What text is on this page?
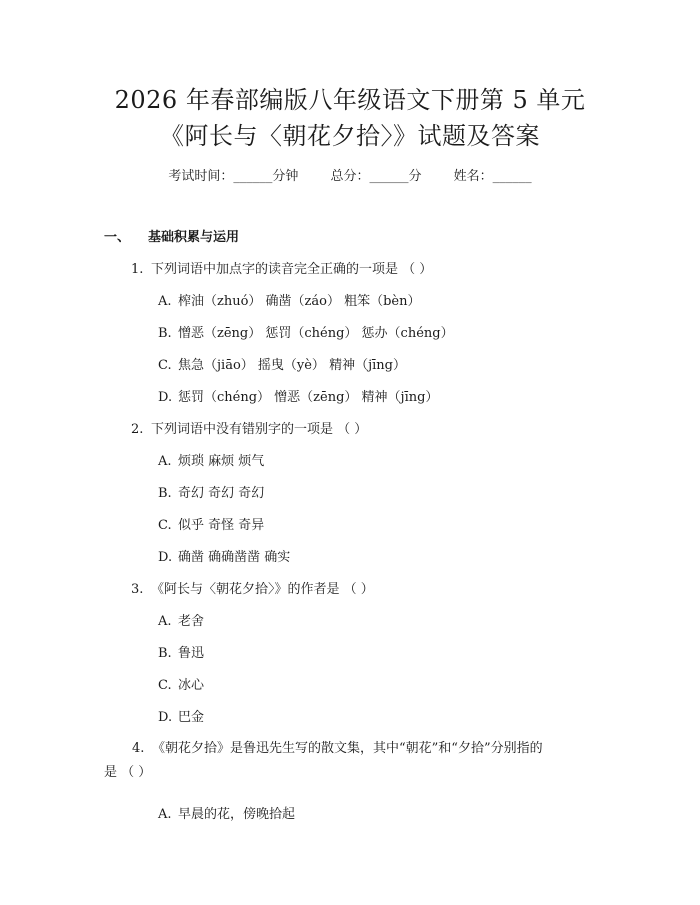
2026 年春部编版八年级语文下册第 5 单元
《阿长与〈朝花夕拾〉》试题及答案
考试时间：______分钟 总分：______分 姓名：______
一、 基础积累与运用
1. 下列词语中加点字的读音完全正确的一项是 （ ）
A. 榨油（zhuó） 确凿（záo） 粗笨（bèn）
B. 憎恶（zēng） 惩罚（chéng） 惩办（chéng）
C. 焦急（jiāo） 摇曳（yè） 精神（jīng）
D. 惩罚（chéng） 憎恶（zēng） 精神（jīng）
2. 下列词语中没有错别字的一项是 （ ）
A. 烦琐 麻烦 烦气
B. 奇幻 奇幻 奇幻
C. 似乎 奇怪 奇异
D. 确凿 确确凿凿 确实
3. 《阿长与〈朝花夕拾〉》的作者是 （ ）
A. 老舍
B. 鲁迅
C. 冰心
D. 巴金
4. 《朝花夕拾》是鲁迅先生写的散文集，其中“朝花”和“夕拾”分别指的
是 （ ）
A. 早晨的花，傍晚拾起
